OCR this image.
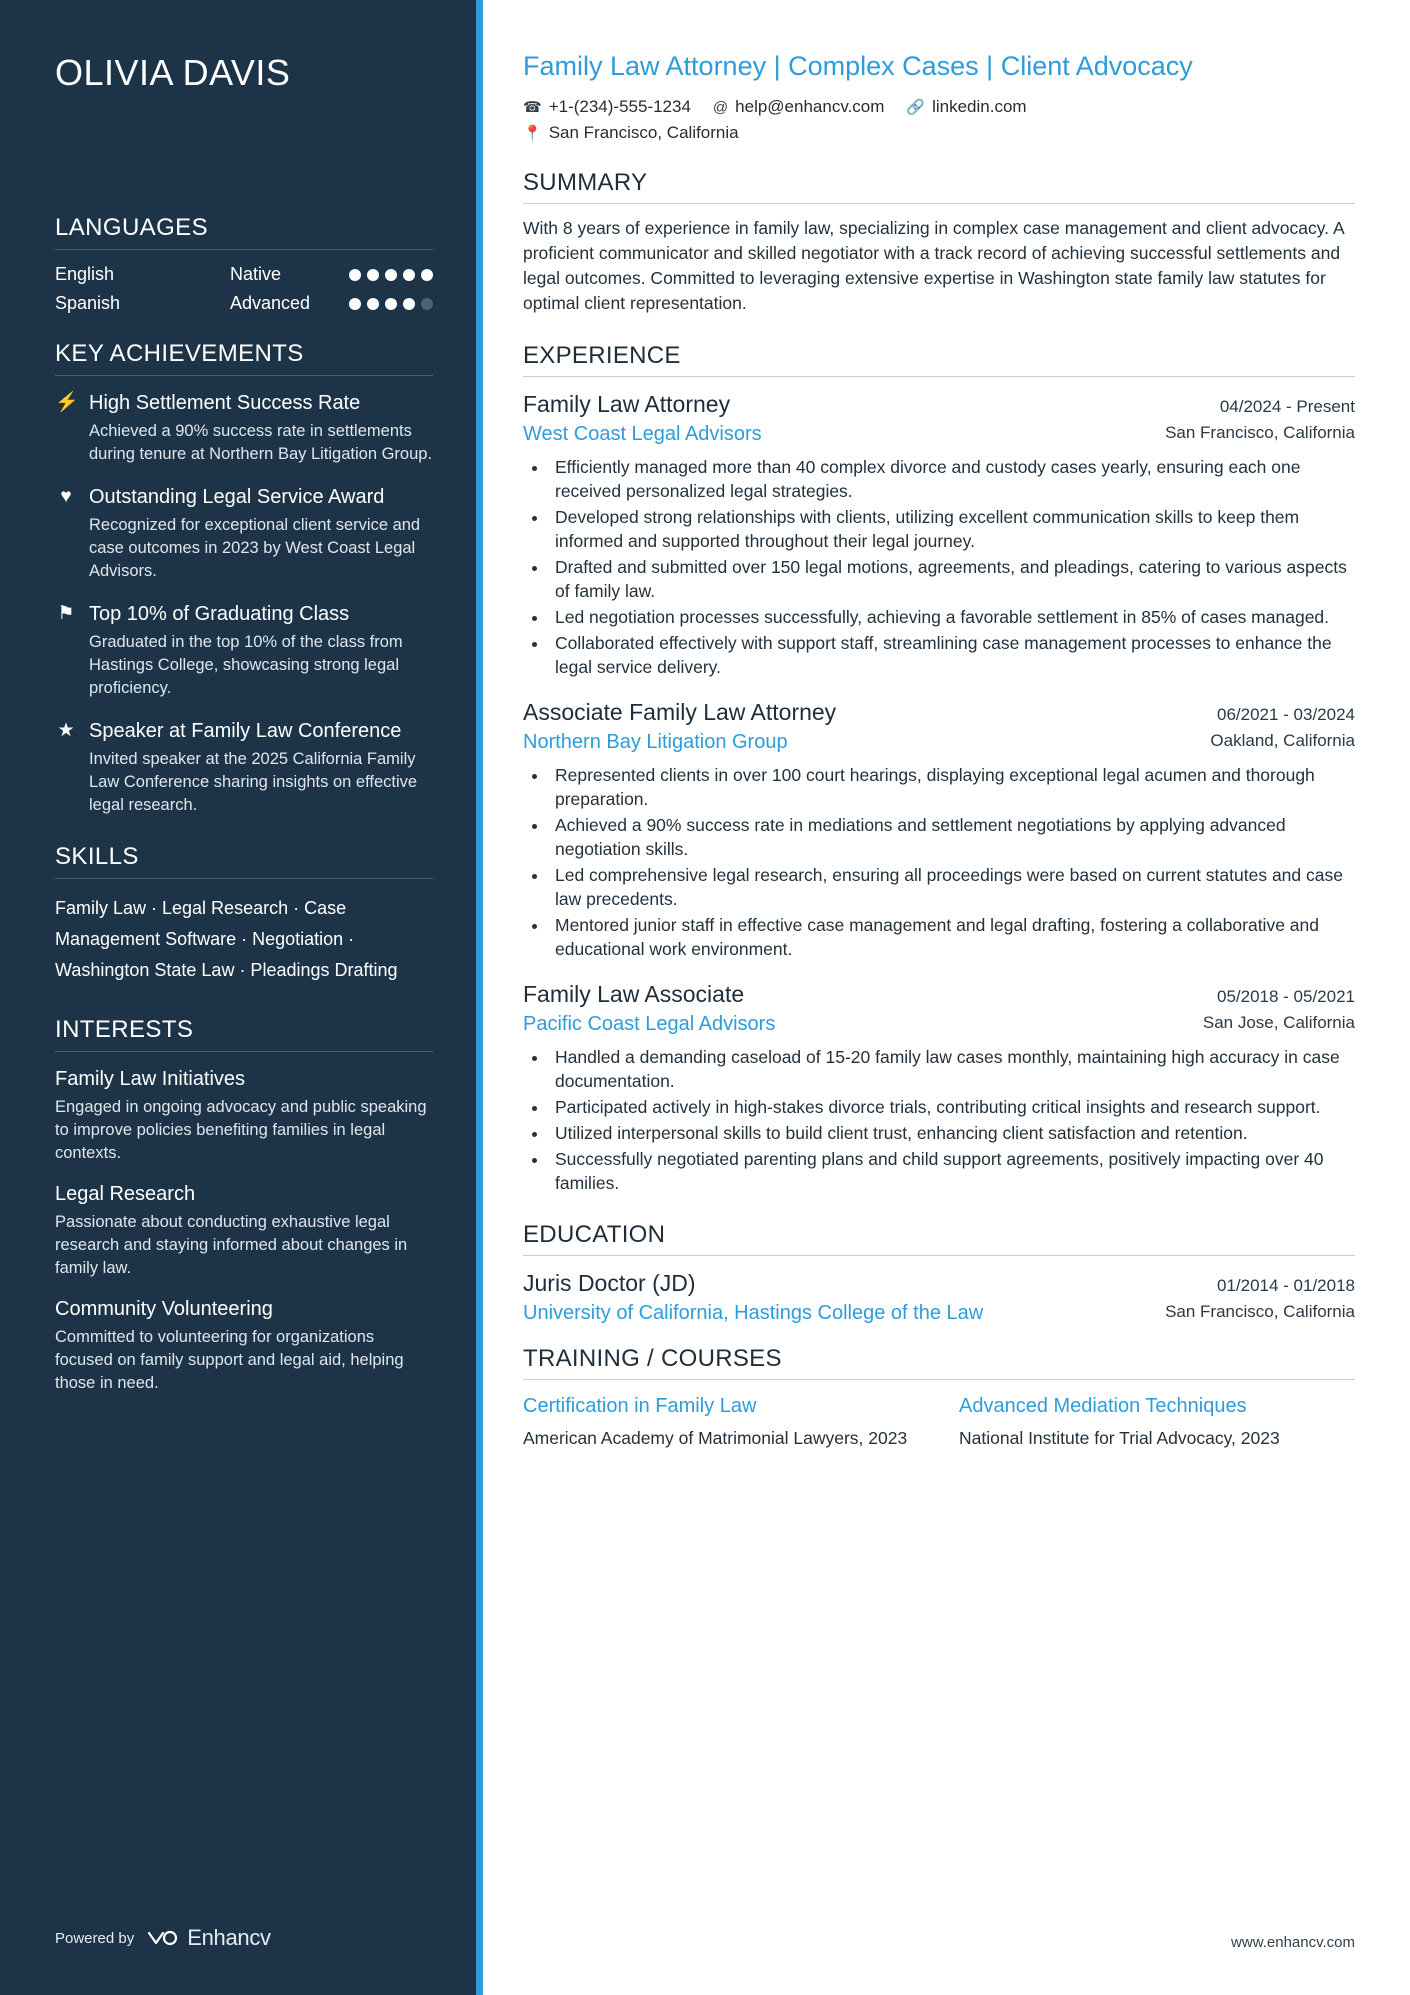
OLIVIA DAVIS
LANGUAGES
English	Native
Spanish	Advanced
KEY ACHIEVEMENTS
⚡ High Settlement Success Rate
Achieved a 90% success rate in settlements during tenure at Northern Bay Litigation Group.
♥ Outstanding Legal Service Award
Recognized for exceptional client service and case outcomes in 2023 by West Coast Legal Advisors.
⚑ Top 10% of Graduating Class
Graduated in the top 10% of the class from Hastings College, showcasing strong legal proficiency.
★ Speaker at Family Law Conference
Invited speaker at the 2025 California Family Law Conference sharing insights on effective legal research.
SKILLS
Family Law · Legal Research · Case Management Software · Negotiation · Washington State Law · Pleadings Drafting
INTERESTS
Family Law Initiatives
Engaged in ongoing advocacy and public speaking to improve policies benefiting families in legal contexts.
Legal Research
Passionate about conducting exhaustive legal research and staying informed about changes in family law.
Community Volunteering
Committed to volunteering for organizations focused on family support and legal aid, helping those in need.
Powered by Enhancv
Family Law Attorney | Complex Cases | Client Advocacy
☎ +1-(234)-555-1234 @ help@enhancv.com 🔗 linkedin.com
📍 San Francisco, California
SUMMARY

With 8 years of experience in family law, specializing in complex case management and client advocacy. A proficient communicator and skilled negotiator with a track record of achieving successful settlements and legal outcomes. Committed to leveraging extensive expertise in Washington state family law statutes for optimal client representation.

EXPERIENCE
Family Law Attorney	04/2024 - Present
West Coast Legal Advisors	San Francisco, California
• Efficiently managed more than 40 complex divorce and custody cases yearly, ensuring each one received personalized legal strategies.
• Developed strong relationships with clients, utilizing excellent communication skills to keep them informed and supported throughout their legal journey.
• Drafted and submitted over 150 legal motions, agreements, and pleadings, catering to various aspects of family law.
• Led negotiation processes successfully, achieving a favorable settlement in 85% of cases managed.
• Collaborated effectively with support staff, streamlining case management processes to enhance the legal service delivery.
Associate Family Law Attorney	06/2021 - 03/2024
Northern Bay Litigation Group	Oakland, California
• Represented clients in over 100 court hearings, displaying exceptional legal acumen and thorough preparation.
• Achieved a 90% success rate in mediations and settlement negotiations by applying advanced negotiation skills.
• Led comprehensive legal research, ensuring all proceedings were based on current statutes and case law precedents.
• Mentored junior staff in effective case management and legal drafting, fostering a collaborative and educational work environment.
Family Law Associate	05/2018 - 05/2021
Pacific Coast Legal Advisors	San Jose, California
• Handled a demanding caseload of 15-20 family law cases monthly, maintaining high accuracy in case documentation.
• Participated actively in high-stakes divorce trials, contributing critical insights and research support.
• Utilized interpersonal skills to build client trust, enhancing client satisfaction and retention.
• Successfully negotiated parenting plans and child support agreements, positively impacting over 40 families.
EDUCATION
Juris Doctor (JD)	01/2014 - 01/2018
University of California, Hastings College of the Law	San Francisco, California
TRAINING / COURSES
Certification in Family Law
American Academy of Matrimonial Lawyers, 2023
Advanced Mediation Techniques
National Institute for Trial Advocacy, 2023
www.enhancv.com
